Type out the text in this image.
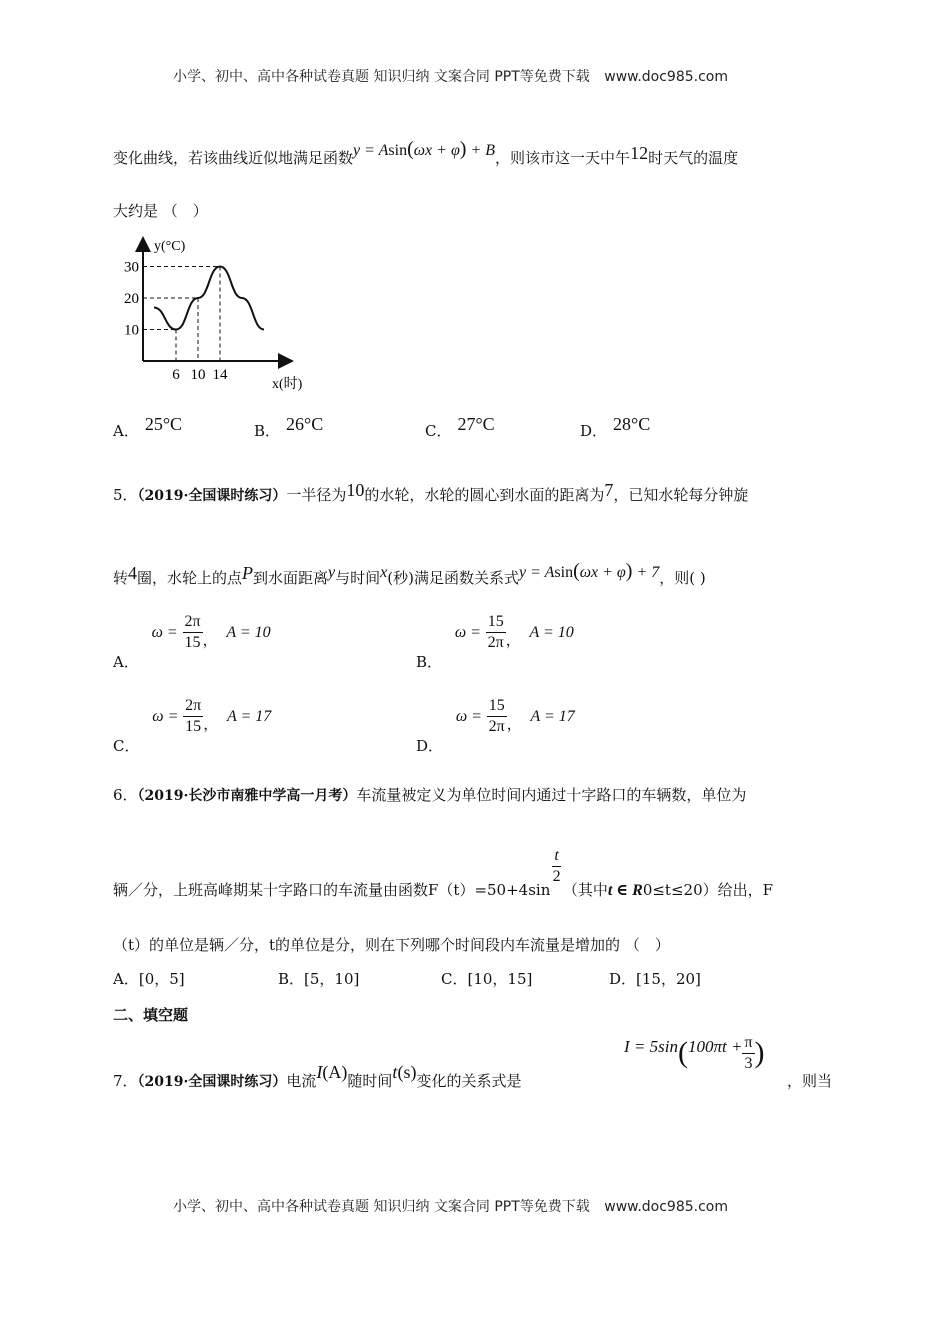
小学、初中、高中各种试卷真题 知识归纳 文案合同 PPT等免费下载 www.doc985.com
变化曲线，若该曲线近似地满足函数y = Asin(ωx + φ) + B，则该市这一天中午12时天气的温度
大约是 （　）
10
20
30
6 10 14
y(°C)
x(时)
A． 25°C	B． 26°C	C． 27°C	D． 28°C
5．（2019·全国课时练习）一半径为10的水轮，水轮的圆心到水面的距离为7，已知水轮每分钟旋
转4圈，水轮上的点P到水面距离y与时间x(秒)满足函数关系式y = Asin(ωx + φ) + 7，则( )
A． $\omega = \frac{2\pi}{15}$ ， A = 10
B． $\omega = \frac{15}{2\pi}$ ， A = 10
C． $\omega = \frac{2\pi}{15}$ ， A = 17
D． $\omega = \frac{15}{2\pi}$ ， A = 17
6．（2019·长沙市南雅中学高一月考）车流量被定义为单位时间内通过十字路口的车辆数，单位为
辆／分，上班高峰期某十字路口的车流量由函数F（t）=50+4sin
$\frac{t}{2}$
（其中t ∈ R0≤t≤20）给出，F
（t）的单位是辆／分，t的单位是分，则在下列哪个时间段内车流量是增加的 （　）
A．[0，5]	B．[5，10]	C．[10，15]	D．[15，20]
二、填空题
7．（2019·全国课时练习）电流I(A)随时间t(s)变化的关系式是
$I = 5\sin(100\pi t + \frac{\pi}{3}$ )
，则当
小学、初中、高中各种试卷真题 知识归纳 文案合同 PPT等免费下载 www.doc985.com
